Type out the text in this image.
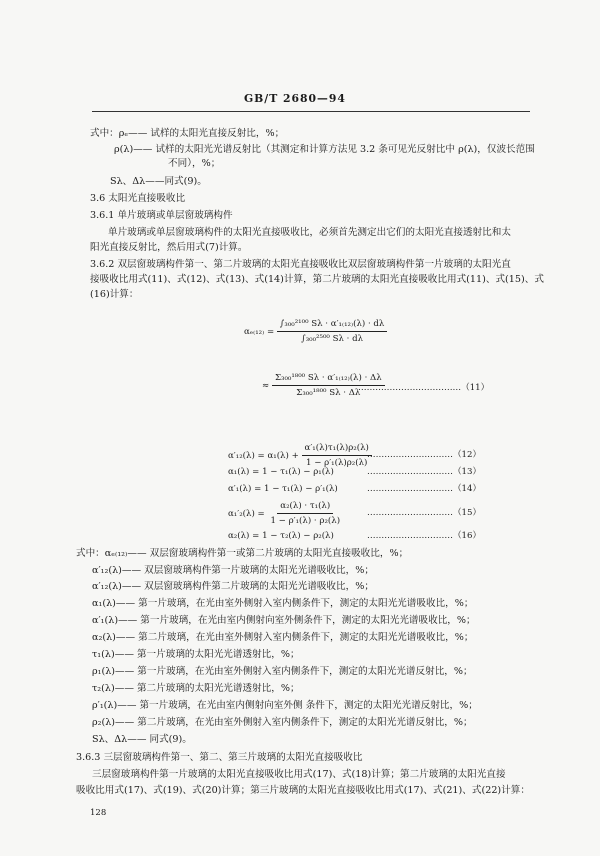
GB/T 2680—94
式中：ρₑ—— 试样的太阳光直接反射比，%；
ρ(λ)—— 试样的太阳光光谱反射比（其测定和计算方法见 3.2 条可见光反射比中 ρ(λ)，仅波长范围
不同），%；
Sλ、Δλ——同式(9)。
3.6 太阳光直接吸收比
3.6.1 单片玻璃或单层窗玻璃构件
单片玻璃或单层窗玻璃构件的太阳光直接吸收比，必须首先测定出它们的太阳光直接透射比和太
阳光直接反射比，然后用式(7)计算。
3.6.2 双层窗玻璃构件第一、第二片玻璃的太阳光直接吸收比双层窗玻璃构件第一片玻璃的太阳光直
接吸收比用式(11)、式(12)、式(13)、式(14)计算，第二片玻璃的太阳光直接吸收比用式(11)、式(15)、式
(16)计算：
$\alpha_{e(12)} = \frac{\text{∫₃₀₀²¹⁰⁰ Sλ · α′₁₍₁₂₎(λ) · dλ}}{\text{∫₃₀₀²⁵⁰⁰ Sλ · dλ}}$
≈ $\frac{\text{Σ₃₀₀¹⁸⁰⁰ Sλ · α′₁₍₁₂₎(λ) · Δλ}}{\text{Σ₃₀₀¹⁸⁰⁰ Sλ · Δλ}}$
………………………………（11）
$\alpha'_{12}(\lambda) = \alpha_1(\lambda) + \frac{\text{α′₁(λ)τ₁(λ)ρ₂(λ)}}{\text{1 − ρ′₁(λ)ρ₂(λ)}}$
…………………………（12）
α₁(λ) = 1 − τ₁(λ) − ρ₁(λ)	…………………………（13）
α′₁(λ) = 1 − τ₁(λ) − ρ′₁(λ)	…………………………（14）
$\alpha_1'_2(\lambda) = \frac{\text{α₂(λ) · τ₁(λ)}}{\text{1 − ρ′₁(λ) · ρ₂(λ)}}$	…………………………（15）
α₂(λ) = 1 − τ₂(λ) − ρ₂(λ)	…………………………（16）
式中：αₑ₍₁₂₎—— 双层窗玻璃构件第一或第二片玻璃的太阳光直接吸收比，%；
α′₁₂(λ)—— 双层窗玻璃构件第一片玻璃的太阳光光谱吸收比，%；
α′₁₂(λ)—— 双层窗玻璃构件第二片玻璃的太阳光光谱吸收比，%；
α₁(λ)—— 第一片玻璃，在光由室外侧射入室内侧条件下，测定的太阳光光谱吸收比，%；
α′₁(λ)—— 第一片玻璃，在光由室内侧射向室外侧条件下，测定的太阳光光谱吸收比，%；
α₂(λ)—— 第二片玻璃，在光由室外侧射入室内侧条件下，测定的太阳光光谱吸收比，%；
τ₁(λ)—— 第一片玻璃的太阳光光谱透射比，%；
ρ₁(λ)—— 第一片玻璃，在光由室外侧射入室内侧条件下，测定的太阳光光谱反射比，%；
τ₂(λ)—— 第二片玻璃的太阳光光谱透射比，%；
ρ′₁(λ)—— 第一片玻璃，在光由室内侧射向室外侧 条件下，测定的太阳光光谱反射比，%；
ρ₂(λ)—— 第二片玻璃，在光由室外侧射入室内侧条件下，测定的太阳光光谱反射比，%；
Sλ、Δλ—— 同式(9)。
3.6.3 三层窗玻璃构件第一、第二、第三片玻璃的太阳光直接吸收比
三层窗玻璃构件第一片玻璃的太阳光直接吸收比用式(17)、式(18)计算；第二片玻璃的太阳光直接
吸收比用式(17)、式(19)、式(20)计算；第三片玻璃的太阳光直接吸收比用式(17)、式(21)、式(22)计算：
128
